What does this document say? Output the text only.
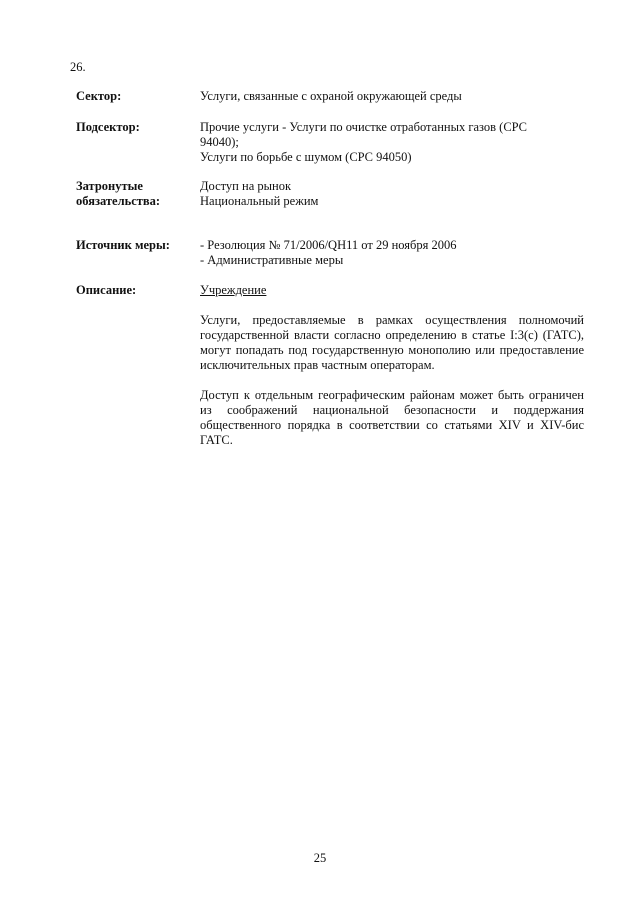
26.
Сектор:	Услуги, связанные с охраной окружающей среды
Подсектор:	Прочие услуги - Услуги по очистке отработанных газов (CPC

94040);

Услуги по борьбе с шумом (CPC 94050)

Затронутые
обязательства:

Доступ на рынок

Национальный режим

Источник меры:	- Резолюция № 71/2006/QH11 от 29 ноября 2006

- Административные меры

Описание:	Учреждение

Услуги, предоставляемые в рамках осуществления полномочий государственной власти согласно определению в статье I:3(c) (ГАТС), могут попадать под государственную монополию или предоставление исключительных прав частным операторам.

Доступ к отдельным географическим районам может быть ограничен из соображений национальной безопасности и поддержания общественного порядка в соответствии со статьями XIV и XIV-бис ГАТС.

25
